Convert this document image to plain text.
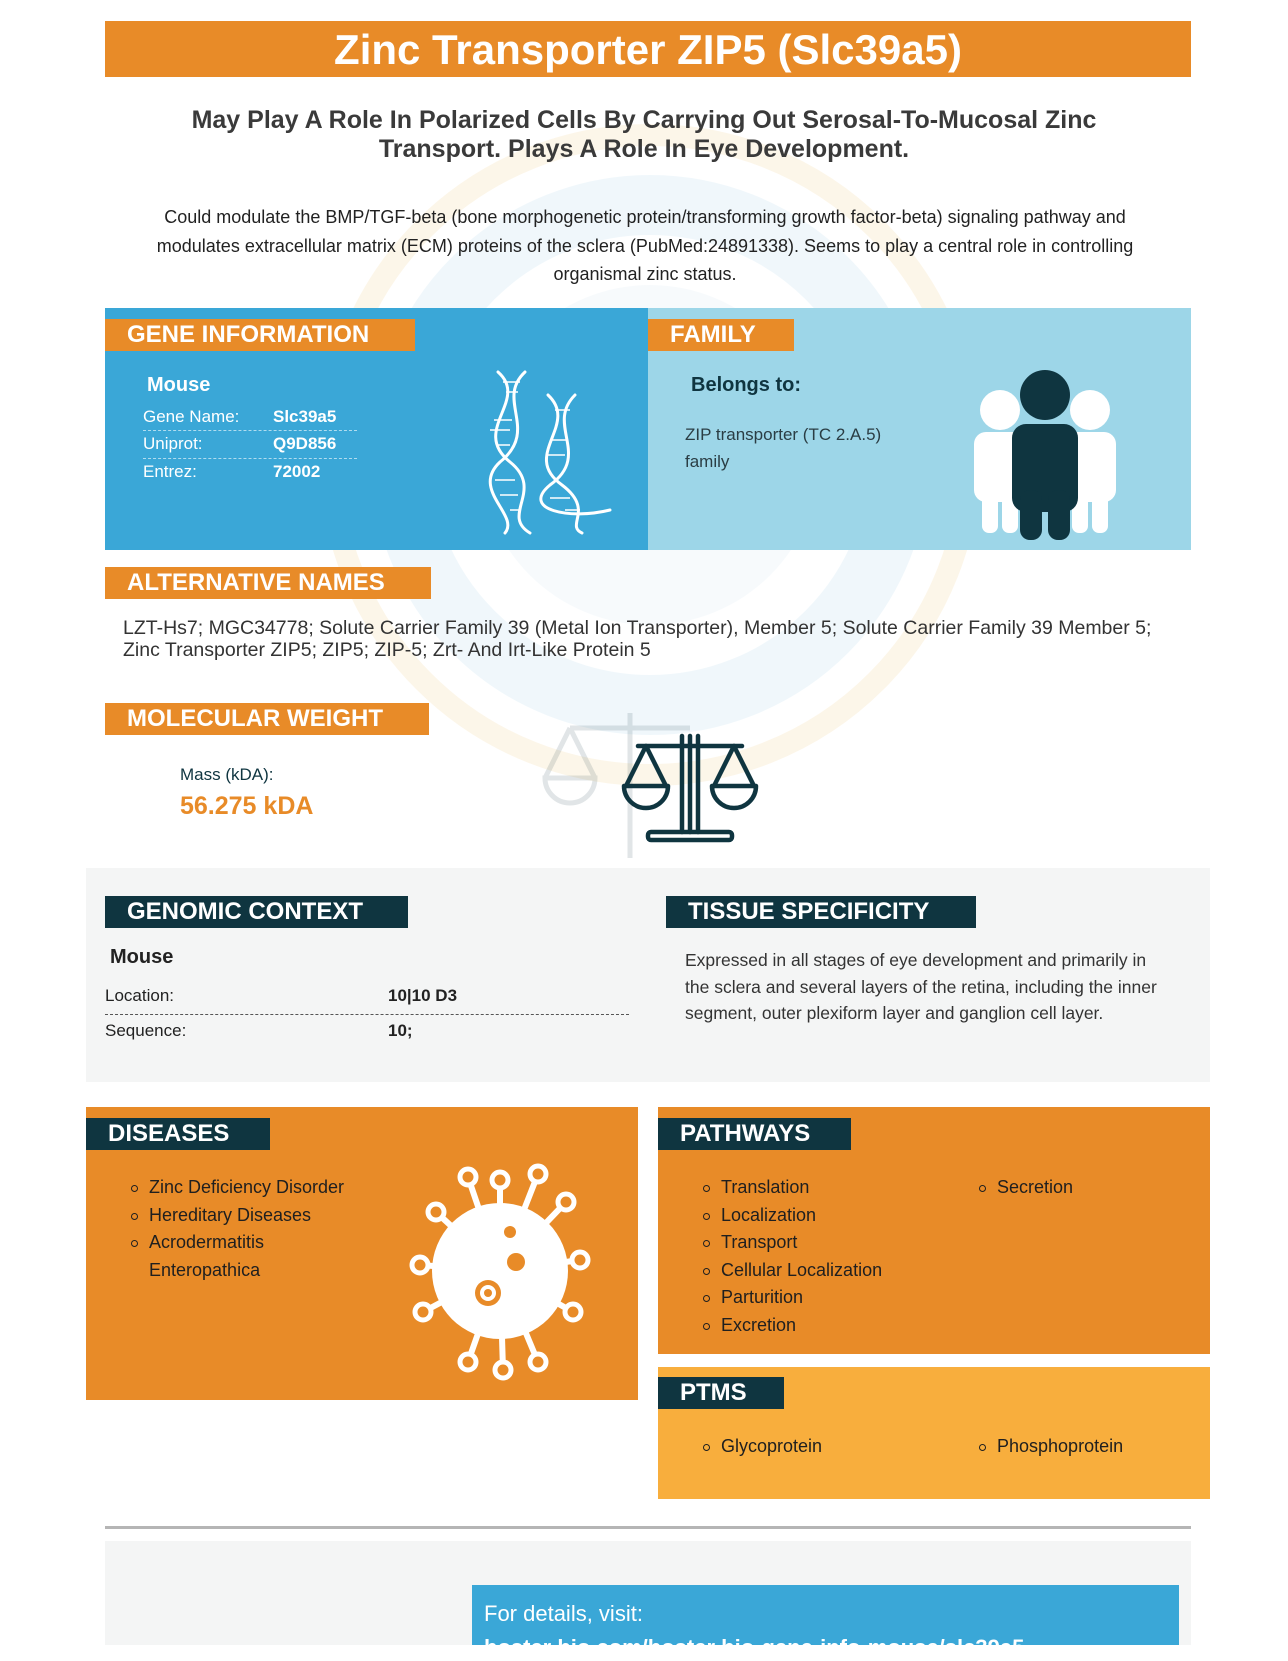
Zinc Transporter ZIP5 (Slc39a5)
May Play A Role In Polarized Cells By Carrying Out Serosal-To-Mucosal Zinc Transport. Plays A Role In Eye Development.
Could modulate the BMP/TGF-beta (bone morphogenetic protein/transforming growth factor-beta) signaling pathway and modulates extracellular matrix (ECM) proteins of the sclera (PubMed:24891338). Seems to play a central role in controlling organismal zinc status.
GENE INFORMATION
Mouse
Gene Name:	Slc39a5
Uniprot:	Q9D856
Entrez:	72002
FAMILY
Belongs to:
ZIP transporter (TC 2.A.5)
family
ALTERNATIVE NAMES
LZT-Hs7; MGC34778; Solute Carrier Family 39 (Metal Ion Transporter), Member 5; Solute Carrier Family 39 Member 5; Zinc Transporter ZIP5; ZIP5; ZIP-5; Zrt- And Irt-Like Protein 5
MOLECULAR WEIGHT
Mass (kDA):
56.275 kDA
GENOMIC CONTEXT
Mouse
Location:	10|10 D3
Sequence:	10;
TISSUE SPECIFICITY
Expressed in all stages of eye development and primarily in the sclera and several layers of the retina, including the inner segment, outer plexiform layer and ganglion cell layer.
DISEASES
Zinc Deficiency Disorder
Hereditary Diseases
Acrodermatitis Enteropathica
PATHWAYS
Translation
Localization
Transport
Cellular Localization
Parturition
Excretion
Secretion
PTMS
Glycoprotein	Phosphoprotein
For details, visit:
boster bio.com/boster bio-gene-info-mouse/slc39a5
